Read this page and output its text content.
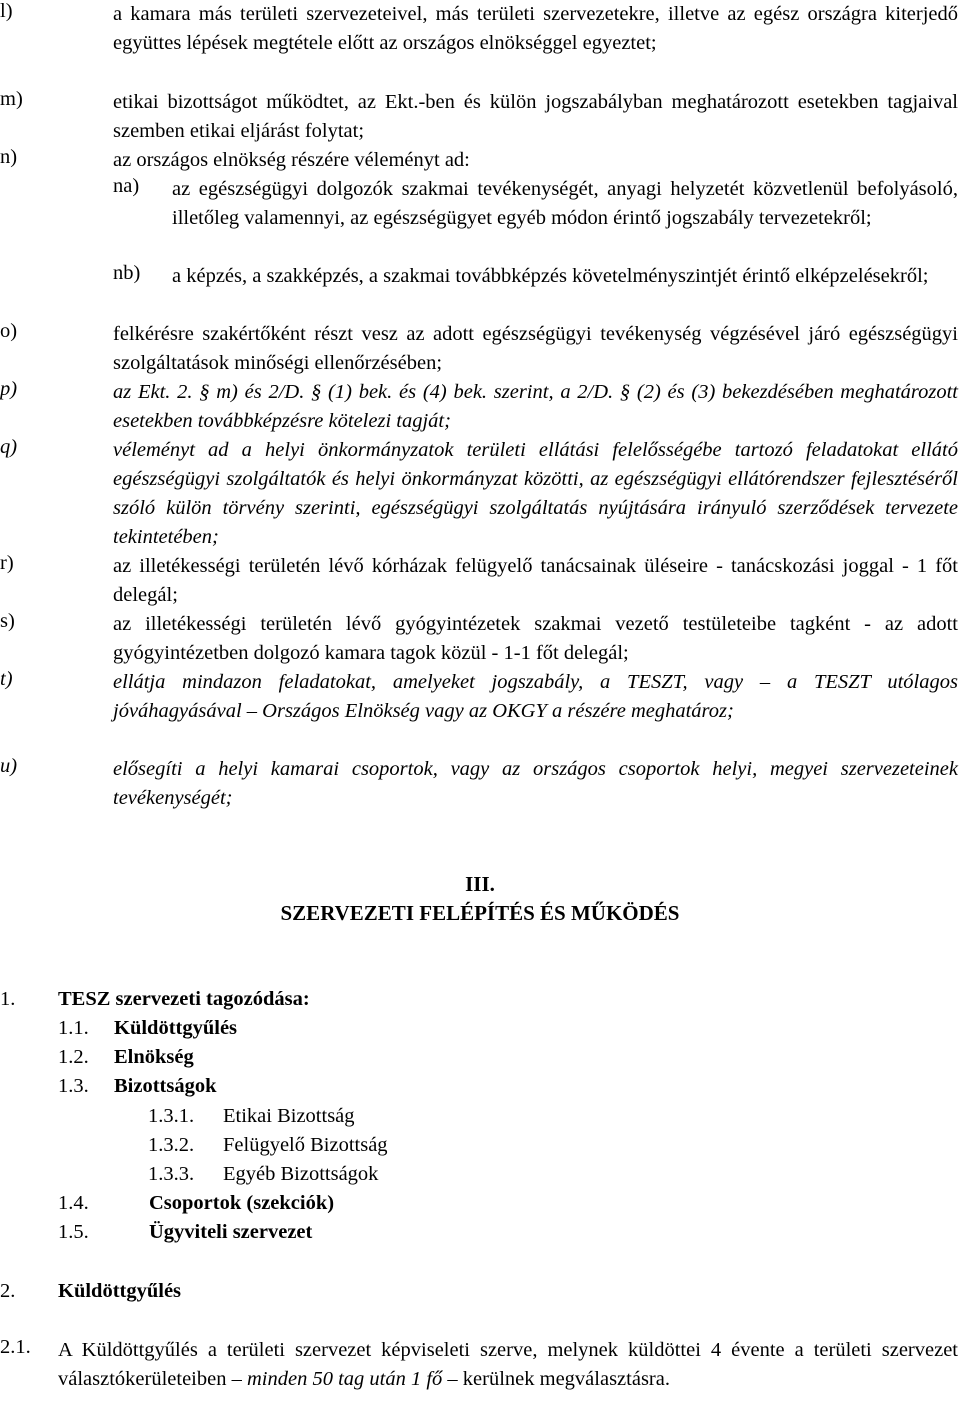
l)	a kamara más területi szervezeteivel, más területi szervezetekre, illetve az egész országra kiterjedő együttes lépések megtétele előtt az országos elnökséggel egyeztet;
m)	etikai bizottságot működtet, az Ekt.-ben és külön jogszabályban meghatározott esetekben tagjaival szemben etikai eljárást folytat;
n)	az országos elnökség részére véleményt ad:
na) az egészségügyi dolgozók szakmai tevékenységét, anyagi helyzetét közvetlenül befolyásoló, illetőleg valamennyi, az egészségügyet egyéb módon érintő jogszabály tervezetekről;
nb) a képzés, a szakképzés, a szakmai továbbképzés követelményszintjét érintő elképzelésekről;
o)	felkérésre szakértőként részt vesz az adott egészségügyi tevékenység végzésével járó egészségügyi szolgáltatások minőségi ellenőrzésében;
p)	az Ekt. 2. § m) és 2/D. § (1) bek. és (4) bek. szerint, a 2/D. § (2) és (3) bekezdésében meghatározott esetekben továbbképzésre kötelezi tagját;
q)	véleményt ad a helyi önkormányzatok területi ellátási felelősségébe tartozó feladatokat ellátó egészségügyi szolgáltatók és helyi önkormányzat közötti, az egészségügyi ellátórendszer fejlesztéséről szóló külön törvény szerinti, egészségügyi szolgáltatás nyújtására irányuló szerződések tervezete tekintetében;
r)	az illetékességi területén lévő kórházak felügyelő tanácsainak üléseire - tanácskozási joggal - 1 főt delegál;
s)	az illetékességi területén lévő gyógyintézetek szakmai vezető testületeibe tagként - az adott gyógyintézetben dolgozó kamara tagok közül - 1-1 főt delegál;
t)	ellátja mindazon feladatokat, amelyeket jogszabály, a TESZT, vagy – a TESZT utólagos jóváhagyásával – Országos Elnökség vagy az OKGY a részére meghatároz;
u)	elősegíti a helyi kamarai csoportok, vagy az országos csoportok helyi, megyei szervezeteinek tevékenységét;
III.
SZERVEZETI FELÉPÍTÉS ÉS MŰKÖDÉS
1. TESZ szervezeti tagozódása:
1.1. Küldöttgyűlés
1.2. Elnökség
1.3. Bizottságok
1.3.1. Etikai Bizottság
1.3.2. Felügyelő Bizottság
1.3.3. Egyéb Bizottságok
1.4.	Csoportok (szekciók)
1.5.	Ügyviteli szervezet
2. Küldöttgyűlés
2.1. A Küldöttgyűlés a területi szervezet képviseleti szerve, melynek küldöttei 4 évente a területi szervezet választókerületeiben – minden 50 tag után 1 fő – kerülnek megválasztásra.
